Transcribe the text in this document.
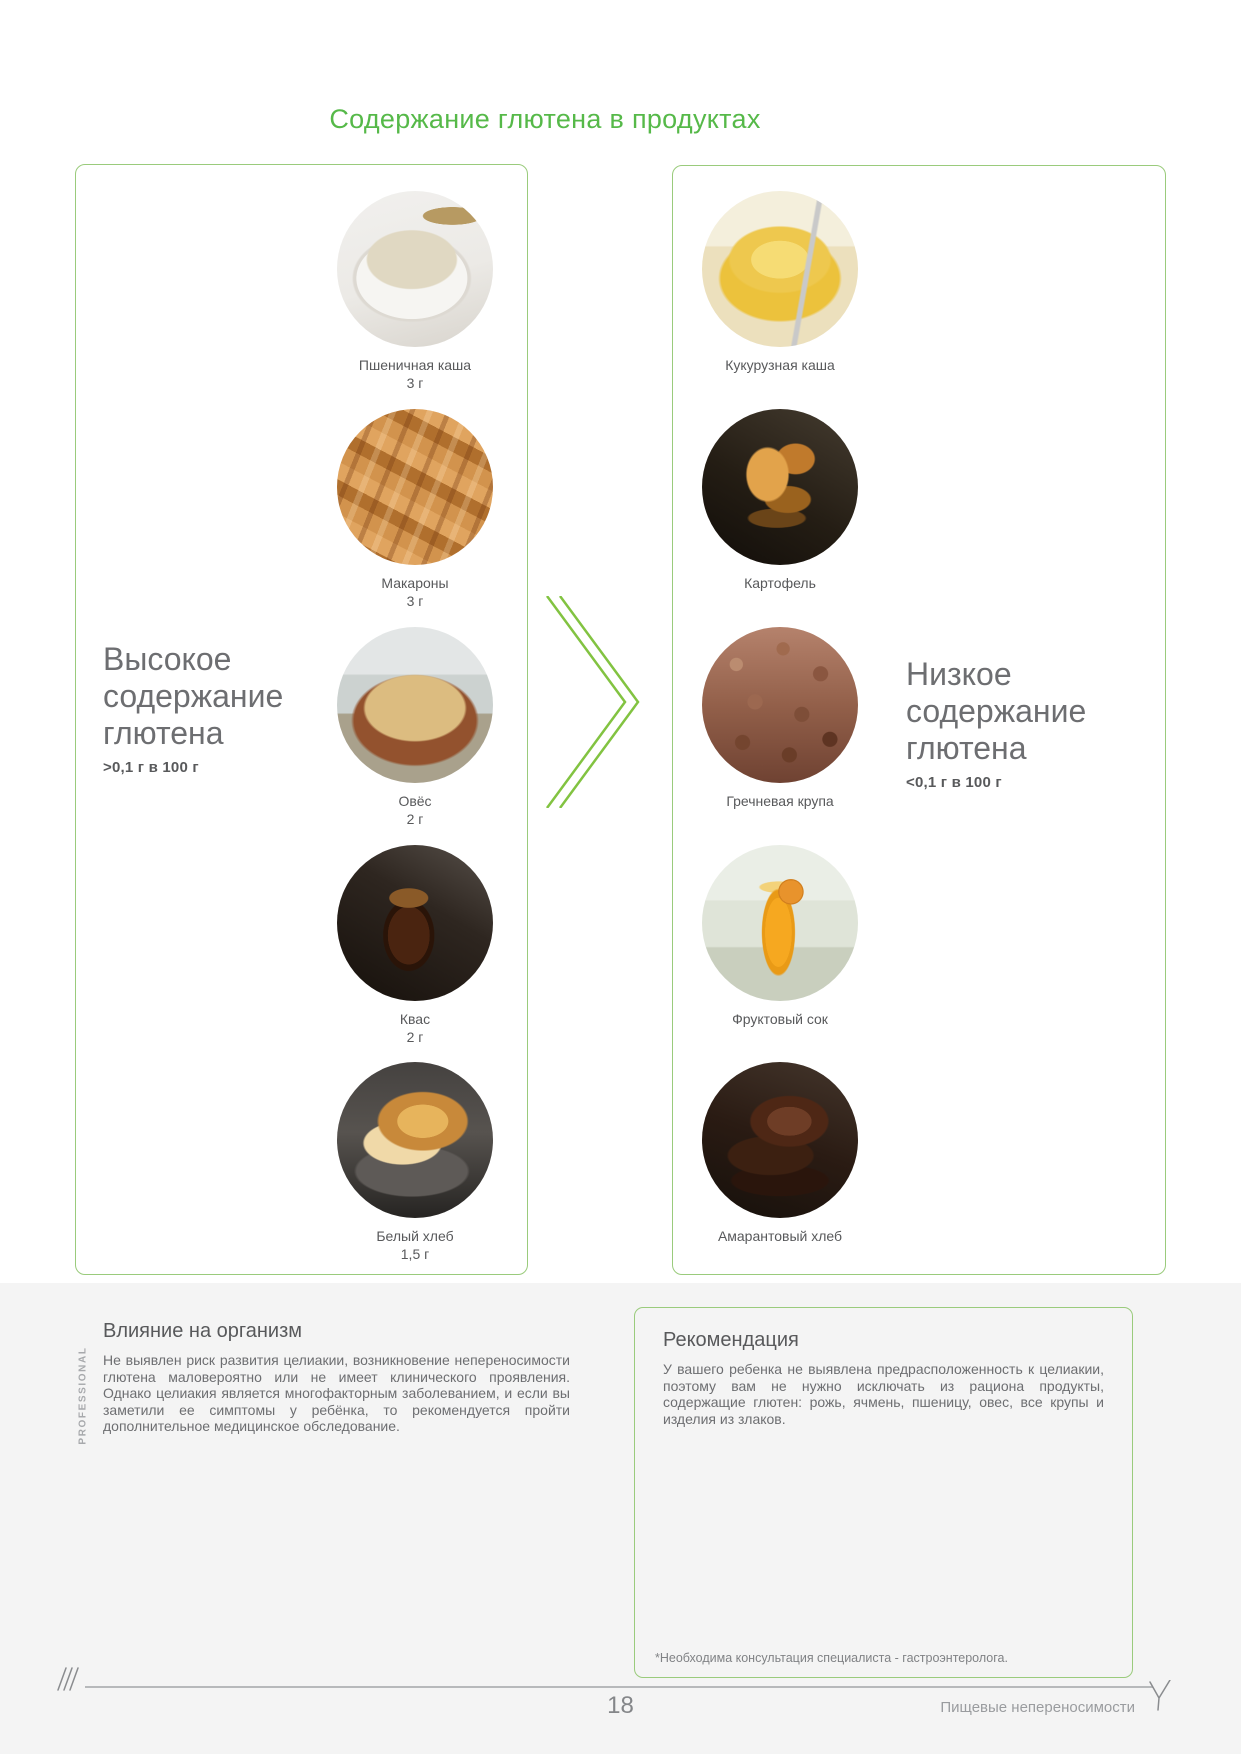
Содержание глютена в продуктах
Высокое
содержание
глютена
>0,1 г в 100 г
Низкое
содержание
глютена
<0,1 г в 100 г
Пшеничная каша
3 г
Макароны
3 г
Овёс
2 г
Квас
2 г
Белый хлеб
1,5 г
Кукурузная каша
Картофель
Гречневая крупа
Фруктовый сок
Амарантовый хлеб
PROFESSIONAL
Влияние на организм
Не выявлен риск развития целиакии, возникновение непереносимости глютена маловероятно или не имеет клинического проявления. Однако целиакия является многофакторным заболеванием, и если вы заметили ее симптомы у ребёнка, то рекомендуется пройти дополнительное медицинское обследование.
Рекомендация
У вашего ребенка не выявлена предрасположенность к целиакии, поэтому вам не нужно исключать из рациона продукты, содержащие глютен: рожь, ячмень, пшеницу, овес, все крупы и изделия из злаков.
*Необходима консультация специалиста - гастроэнтеролога.
18	Пищевые непереносимости
